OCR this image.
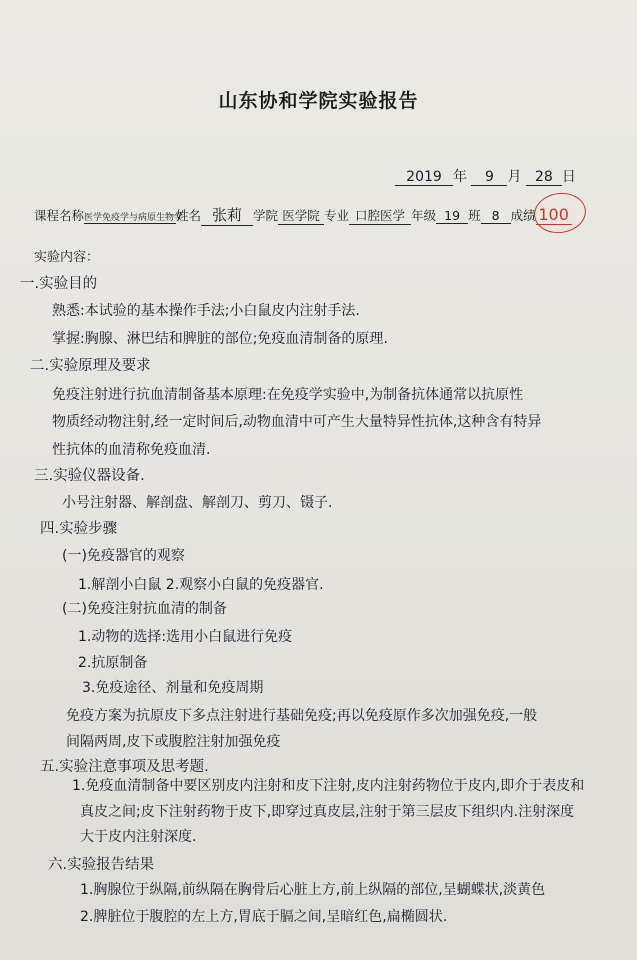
山东协和学院实验报告
2019 年 9 月 28 日
课程名称医学免疫学与病原生物学姓名 张莉 学院 医学院 专业 口腔医学 年级 19 班 8 成绩 100
实验内容：
一.实验目的
熟悉:本试验的基本操作手法;小白鼠皮内注射手法.
掌握:胸腺、淋巴结和脾脏的部位;免疫血清制备的原理.
二.实验原理及要求
免疫注射进行抗血清制备基本原理:在免疫学实验中,为制备抗体通常以抗原性
物质经动物注射,经一定时间后,动物血清中可产生大量特异性抗体,这种含有特异
性抗体的血清称免疫血清.
三.实验仪器设备.
小号注射器、解剖盘、解剖刀、剪刀、镊子.
四.实验步骤
(一)免疫器官的观察
1.解剖小白鼠 2.观察小白鼠的免疫器官.
(二)免疫注射抗血清的制备
1.动物的选择:选用小白鼠进行免疫
2.抗原制备
3.免疫途径、剂量和免疫周期
免疫方案为抗原皮下多点注射进行基础免疫;再以免疫原作多次加强免疫,一般
间隔两周,皮下或腹腔注射加强免疫
五.实验注意事项及思考题.
1.免疫血清制备中要区别皮内注射和皮下注射,皮内注射药物位于皮内,即介于表皮和
真皮之间;皮下注射药物于皮下,即穿过真皮层,注射于第三层皮下组织内.注射深度
大于皮内注射深度.
六.实验报告结果
1.胸腺位于纵隔,前纵隔在胸骨后心脏上方,前上纵隔的部位,呈蝴蝶状,淡黄色
2.脾脏位于腹腔的左上方,胃底于膈之间,呈暗红色,扁椭圆状.
